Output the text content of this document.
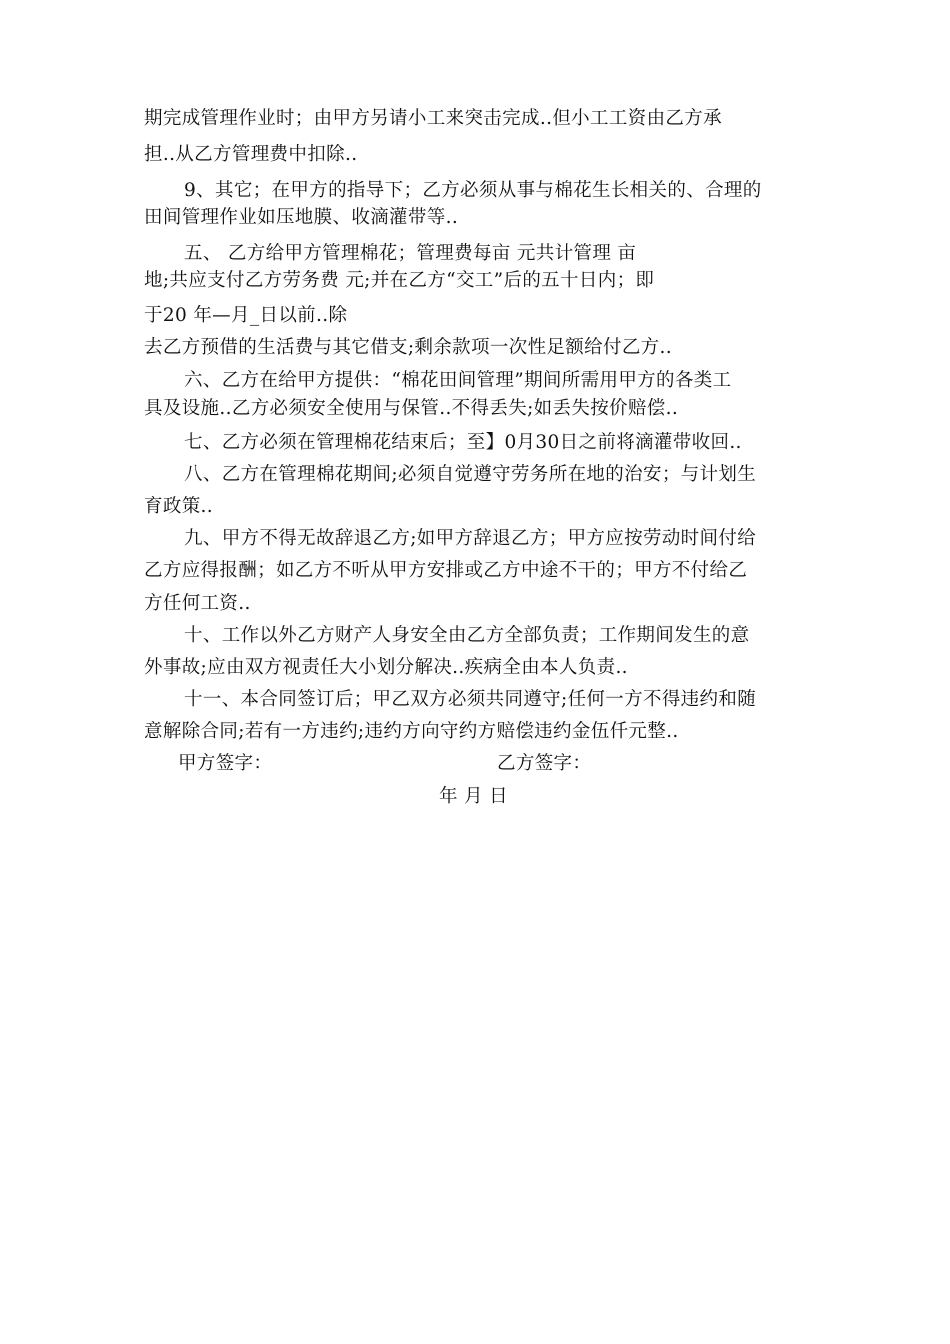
期完成管理作业时；由甲方另请小工来突击完成..但小工工资由乙方承
担..从乙方管理费中扣除..
9、其它；在甲方的指导下；乙方必须从事与棉花生长相关的、合理的
田间管理作业如压地膜、收滴灌带等..
五、 乙方给甲方管理棉花；管理费每亩 元共计管理 亩
地;共应支付乙方劳务费 元;并在乙方“交工”后的五十日内；即
于20 年—月_日以前..除
去乙方预借的生活费与其它借支;剩余款项一次性足额给付乙方..
六、乙方在给甲方提供：“棉花田间管理”期间所需用甲方的各类工
具及设施..乙方必须安全使用与保管..不得丢失;如丢失按价赔偿..
七、乙方必须在管理棉花结束后；至】0月30日之前将滴灌带收回..
八、乙方在管理棉花期间;必须自觉遵守劳务所在地的治安；与计划生
育政策..
九、甲方不得无故辞退乙方;如甲方辞退乙方；甲方应按劳动时间付给
乙方应得报酬；如乙方不听从甲方安排或乙方中途不干的；甲方不付给乙
方任何工资..
十、工作以外乙方财产人身安全由乙方全部负责；工作期间发生的意
外事故;应由双方视责任大小划分解决..疾病全由本人负责..
十一、本合同签订后；甲乙双方必须共同遵守;任何一方不得违约和随
意解除合同;若有一方违约;违约方向守约方赔偿违约金伍仟元整..
甲方签字：	乙方签字：
年 月 日
